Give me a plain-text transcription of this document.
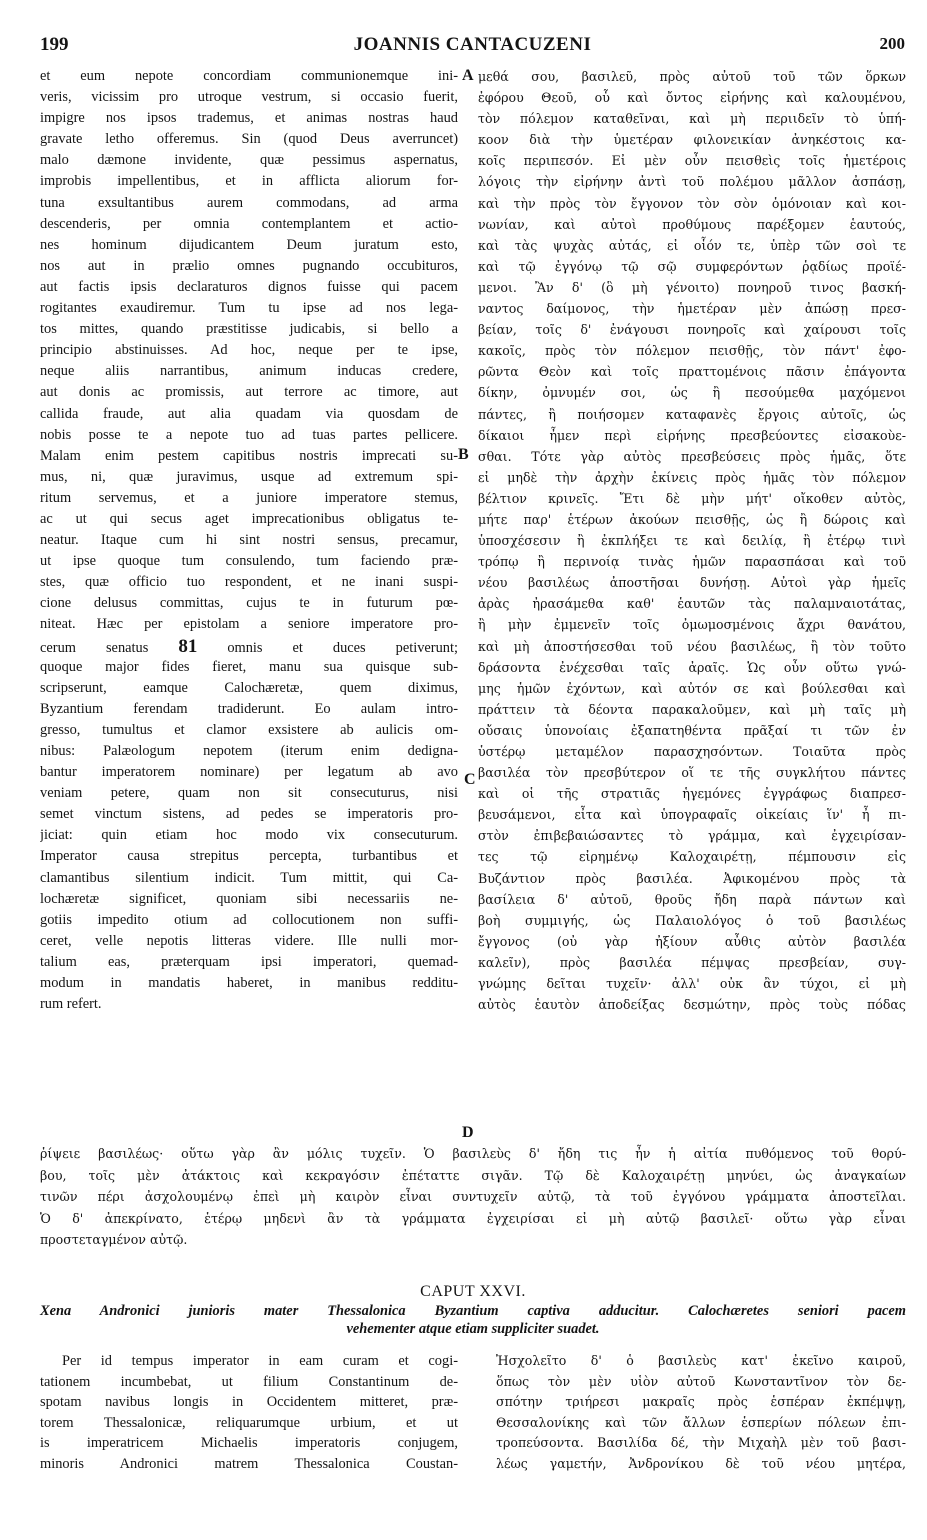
199	JOANNIS CANTACUZENI	200
et eum nepote concordiam communionemque ini-
veris, vicissim pro utroque vestrum, si occasio fuerit,
impigre nos ipsos trademus, et animas nostras haud
gravate letho offeremus. Sin (quod Deus averruncet)
malo dæmone invidente, quæ pessimus aspernatus,
improbis impellentibus, et in afflicta aliorum for-
tuna exsultantibus aurem commodans, ad arma
descenderis, per omnia contemplantem et actio-
nes hominum dijudicantem Deum juratum esto,
nos aut in prælio omnes pugnando occubituros,
aut factis ipsis declaraturos dignos fuisse qui pacem
rogitantes exaudiremur. Tum tu ipse ad nos lega-
tos mittes, quando præstitisse judicabis, si bello a
principio abstinuisses. Ad hoc, neque per te ipse,
neque aliis narrantibus, animum inducas credere,
aut donis ac promissis, aut terrore ac timore, aut
callida fraude, aut alia quadam via quosdam de
nobis posse te a nepote tuo ad tuas partes pellicere.
Malam enim pestem capitibus nostris imprecati su-
mus, ni, quæ juravimus, usque ad extremum spi-
ritum servemus, et a juniore imperatore stemus,
ac ut qui secus aget imprecationibus obligatus te-
neatur. Itaque cum hi sint nostri sensus, precamur,
ut ipse quoque tum consulendo, tum faciendo præ-
stes, quæ officio tuo respondent, et ne inani suspi-
cione delusus committas, cujus te in futurum pœ-
niteat. Hæc per epistolam a seniore imperatore pro-
cerum senatus 81 omnis et duces petiverunt;
quoque major fides fieret, manu sua quisque sub-
scripserunt, eamque Calochæretæ, quem diximus,
Byzantium ferendam tradiderunt. Eo aulam intro-
gresso, tumultus et clamor exsistere ab aulicis om-
nibus: Palæologum nepotem (iterum enim dedigna-
bantur imperatorem nominare) per legatum ab avo
veniam petere, quam non sit consecuturus, nisi
semet vinctum sistens, ad pedes se imperatoris pro-
jiciat: quin etiam hoc modo vix consecuturum.
Imperator causa strepitus percepta, turbantibus et
clamantibus silentium indicit. Tum mittit, qui Ca-
lochæretæ significet, quoniam sibi necessariis ne-
gotiis impedito otium ad collocutionem non suffi-
ceret, velle nepotis litteras videre. Ille nulli mor-
talium eas, præterquam ipsi imperatori, quemad-
modum in mandatis haberet, in manibus redditu-
rum refert.
μεθά σου, βασιλεῦ, πρὸς αὐτοῦ τοῦ τῶν ὅρκων
ἐφόρου Θεοῦ, οὗ καὶ ὄντος εἰρήνης καὶ καλουμένου,
τὸν πόλεμον καταθεῖναι, καὶ μὴ περιιδεῖν τὸ ὑπή-
κοον διὰ τὴν ὑμετέραν φιλονεικίαν ἀνηκέστοις κα-
κοῖς περιπεσόν. Εἰ μὲν οὖν πεισθεὶς τοῖς ἡμετέροις
λόγοις τὴν εἰρήνην ἀντὶ τοῦ πολέμου μᾶλλον ἀσπάσῃ,
καὶ τὴν πρὸς τὸν ἔγγονον τὸν σὸν ὁμόνοιαν καὶ κοι-
νωνίαν, καὶ αὐτοὶ προθύμους παρέξομεν ἑαυτούς,
καὶ τὰς ψυχὰς αὐτάς, εἰ οἷόν τε, ὑπὲρ τῶν σοὶ τε
καὶ τῷ ἐγγόνῳ τῷ σῷ συμφερόντων ῥᾳδίως προϊέ-
μενοι. Ἂν δ' (ὃ μὴ γένοιτο) πονηροῦ τινος βασκή-
ναντος δαίμονος, τὴν ἡμετέραν μὲν ἀπώσῃ πρεσ-
βείαν, τοῖς δ' ἐνάγουσι πονηροῖς καὶ χαίρουσι τοῖς
κακοῖς, πρὸς τὸν πόλεμον πεισθῇς, τὸν πάντ' ἐφο-
ρῶντα Θεὸν καὶ τοῖς πραττομένοις πᾶσιν ἐπάγοντα
δίκην, ὀμνυμέν σοι, ὡς ἢ πεσούμεθα μαχόμενοι
πάντες, ἢ ποιήσομεν καταφανὲς ἔργοις αὐτοῖς, ὡς
δίκαιοι ἦμεν περὶ εἰρήνης πρεσβεύοντες εἰσακοὺε-
σθαι. Τότε γὰρ αὐτὸς πρεσβεύσεις πρὸς ἡμᾶς, ὅτε
εἰ μηδὲ τὴν ἀρχὴν ἐκίνεις πρὸς ἡμᾶς τὸν πόλεμον
βέλτιον κρινεῖς. Ἔτι δὲ μὴν μήτ' οἴκοθεν αὐτὸς,
μήτε παρ' ἑτέρων ἀκούων πεισθῇς, ὡς ἢ δώροις καὶ
ὑποσχέσεσιν ἢ ἐκπλήξει τε καὶ δειλίᾳ, ἢ ἑτέρῳ τινὶ
τρόπῳ ἢ περινοίᾳ τινὰς ἡμῶν παρασπάσαι καὶ τοῦ
νέου βασιλέως ἀποστῆσαι δυνήσῃ. Αὐτοὶ γὰρ ἡμεῖς
ἀρὰς ἠρασάμεθα καθ' ἑαυτῶν τὰς παλαμναιοτάτας,
ἢ μὴν ἐμμενεῖν τοῖς ὀμωμοσμένοις ἄχρι θανάτου,
καὶ μὴ ἀποστήσεσθαι τοῦ νέου βασιλέως, ἢ τὸν τοῦτο
δράσοντα ἐνέχεσθαι ταῖς ἀραῖς. Ὡς οὖν οὕτω γνώ-
μης ἡμῶν ἐχόντων, καὶ αὐτόν σε καὶ βούλεσθαι καὶ
πράττειν τὰ δέοντα παρακαλοῦμεν, καὶ μὴ ταῖς μὴ
οὔσαις ὑπονοίαις ἐξαπατηθέντα πρᾶξαί τι τῶν ἐν
ὑστέρῳ μεταμέλον παρασχησόντων. Τοιαῦτα πρὸς
βασιλέα τὸν πρεσβύτερον οἵ τε τῆς συγκλήτου πάντες
καὶ οἱ τῆς στρατιᾶς ἡγεμόνες ἐγγράφως διαπρεσ-
βευσάμενοι, εἶτα καὶ ὑπογραφαῖς οἰκείαις ἵν' ἦ πι-
στὸν ἐπιβεβαιώσαντες τὸ γράμμα, καὶ ἐγχειρίσαν-
τες τῷ εἰρημένῳ Καλοχαιρέτῃ, πέμπουσιν εἰς
Βυζάντιον πρὸς βασιλέα. Ἀφικομένου πρὸς τὰ
βασίλεια δ' αὐτοῦ, θροῦς ἤδη παρὰ πάντων καὶ
βοὴ συμμιγής, ὡς Παλαιολόγος ὁ τοῦ βασιλέως
ἔγγονος (οὐ γὰρ ἠξίουν αὖθις αὐτὸν βασιλέα
καλεῖν), πρὸς βασιλέα πέμψας πρεσβείαν, συγ-
γνώμης δεῖται τυχεῖν· ἀλλ' οὐκ ἂν τύχοι, εἰ μὴ
αὐτὸς ἑαυτὸν ἀποδείξας δεσμώτην, πρὸς τοὺς πόδας
A
B
C
D
ῥίψειε βασιλέως· οὕτω γὰρ ἂν μόλις τυχεῖν. Ὁ βασιλεὺς δ' ἤδη τις ἦν ἡ αἰτία πυθόμενος τοῦ θορύ-
βου, τοῖς μὲν ἀτάκτοις καὶ κεκραγόσιν ἐπέταττε σιγᾶν. Τῷ δὲ Καλοχαιρέτῃ μηνύει, ὡς ἀναγκαίων
τινῶν πέρι ἀσχολουμένῳ ἐπεὶ μὴ καιρὸν εἶναι συντυχεῖν αὐτῷ, τὰ τοῦ ἐγγόνου γράμματα ἀποστεῖλαι.
Ὁ δ' ἀπεκρίνατο, ἑτέρῳ μηδενὶ ἂν τὰ γράμματα ἐγχειρίσαι εἰ μὴ αὐτῷ βασιλεῖ· οὕτω γὰρ εἶναι
προστεταγμένον αὐτῷ.
CAPUT XXVI.
Xena Andronici junioris mater Thessalonica Byzantium captiva adducitur. Calochæretes seniori pacem
vehementer atque etiam suppliciter suadet.
Per id tempus imperator in eam curam et cogi-
tationem incumbebat, ut filium Constantinum de-
spotam navibus longis in Occidentem mitteret, præ-
torem Thessalonicæ, reliquarumque urbium, et ut
is imperatricem Michaelis imperatoris conjugem,
minoris Andronici matrem Thessalonica Coustan-
Ἠσχολεῖτο δ' ὁ βασιλεὺς κατ' ἐκεῖνο καιροῦ,
ὅπως τὸν μὲν υἱὸν αὐτοῦ Κωνσταντῖνον τὸν δε-
σπότην τριήρεσι μακραῖς πρὸς ἑσπέραν ἐκπέμψῃ,
Θεσσαλονίκης καὶ τῶν ἄλλων ἑσπερίων πόλεων ἐπι-
τροπεύσοντα. Βασιλίδα δέ, τὴν Μιχαὴλ μὲν τοῦ βασι-
λέως γαμετήν, Ἀνδρονίκου δὲ τοῦ νέου μητέρα,
